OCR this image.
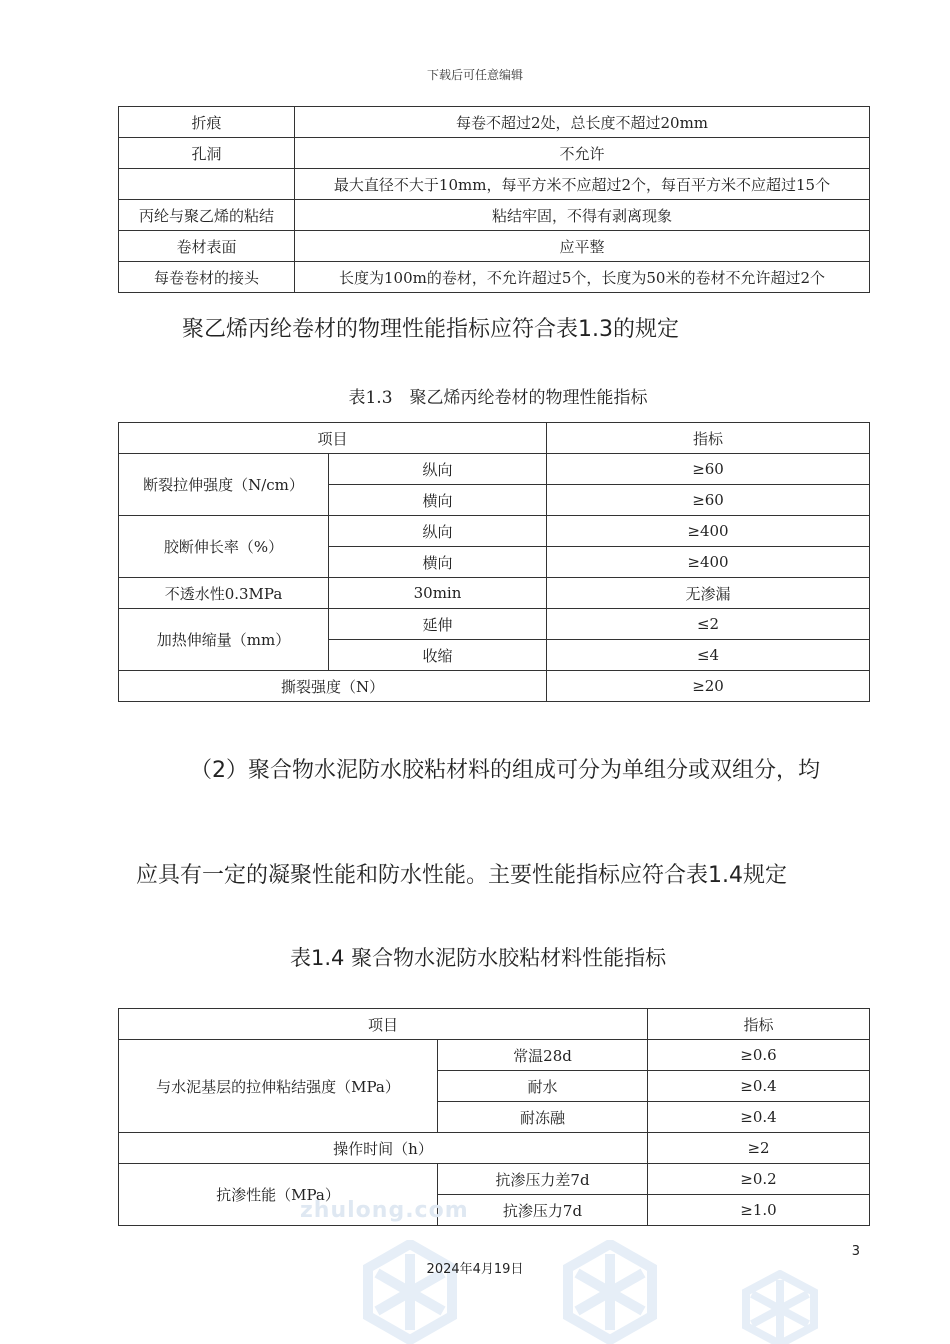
下载后可任意编辑
折痕	每卷不超过2处，总长度不超过20mm
孔洞	不允许
	最大直径不大于10mm，每平方米不应超过2个，每百平方米不应超过15个
丙纶与聚乙烯的粘结	粘结牢固，不得有剥离现象
卷材表面	应平整
每卷卷材的接头	长度为100m的卷材，不允许超过5个，长度为50米的卷材不允许超过2个
聚乙烯丙纶卷材的物理性能指标应符合表1.3的规定
表1.3　聚乙烯丙纶卷材的物理性能指标
项目		指标
断裂拉伸强度（N/cm）	纵向	≥60
	横向	≥60
胶断伸长率（%）	纵向	≥400
	横向	≥400
不透水性0.3MPa	30min	无渗漏
加热伸缩量（mm）	延伸	≤2
	收缩	≤4
撕裂强度（N）		≥20
（2）聚合物水泥防水胶粘材料的组成可分为单组分或双组分，均
应具有一定的凝聚性能和防水性能。主要性能指标应符合表1.4规定
表1.4 聚合物水泥防水胶粘材料性能指标
项目		指标
与水泥基层的拉伸粘结强度（MPa）	常温28d	≥0.6
	耐水	≥0.4
	耐冻融	≥0.4
操作时间（h）		≥2
抗渗性能（MPa）	抗渗压力差7d	≥0.2
	抗渗压力7d	≥1.0
zhulong.com
3
2024年4月19日
